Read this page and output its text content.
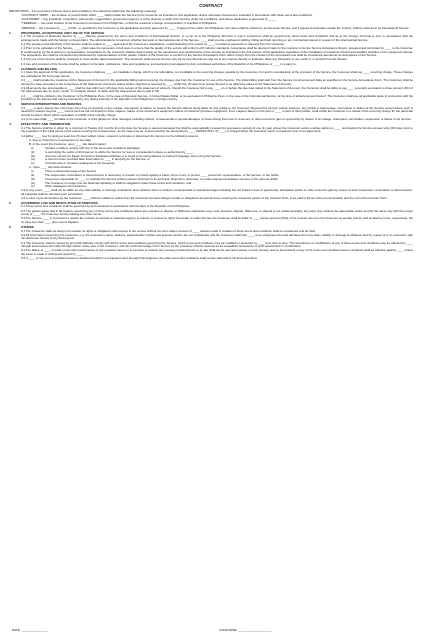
CONTRACT
DEFINITIONS – For purposes of these terms and conditions, the following shall have the following meaning:

"CONTRACT TERM" – the duration or period within which ____ shall provide the Service to the Customer as indicated in this application unless otherwise shortened or extended in accordance with these terms and conditions.

"CUSTOMER" – Any individual, corporation, partnership, organization, government agency or entity desiring to avail of the Service under the conditions, and whose application is approved by ____.

"TERMINAL" – the exact location of the Customer's premises in the Philippines, or that the customer's foreign correspondent, if specified in Philippines.

"SERVICE" – the provision by ____ of DSL, or specified by the Customer to the application and duly approved by ____. If agreed if the within the Philippines, the same shall be referred to as Domestic Service, and if agreed to terminate outside the country, shall be referred to as International Service.

1.	PROVISIONS, ACCEPTANCE AND USE OF THE SERVICE

1.1 The provision of Domestic Service by ____ shall be governed by the terms and conditions of International Service, in so far as to the Philippine Terminal or end is concerned, shall be governed by these terms and conditions and as to the Foreign Terminal or end, in accordance with the arrangements made with the foreign correspondent. The administrations concerned, whether domestic or international end of the Service, ____ shall provide engineered cabling, billing and fault reporting or any contractual interest in respect of the International Service.

1.2 The provision and effectivity of the Service shall be subject to ____ approval of the Customer's applications, notwithstanding prior receipt by ____ of evidence payments or deposits from the Customer.

1.3 Prior to the activation of the Service, ____ shall make the necessary circuit tests to ensure that the quality of the service will conform with industry standards. Acceptance shall be deemed made by the customer once the Service Acceptance Report, prepared and submitted by ____ to the Customer is conformed to by the Customer's representative. Acceptance by the Customer shall be based solely on the parameters and specifications of the Service as indicated in the first portion of this application regardless of the installation of Customer-Owned and ancillary activities of the equipment thereat. The acceptance test shall be conducted and witnessed by representatives of both parties. Failure of the Customer to conform to the Service Acceptance Form within 3 days from the conduct of the acceptance test shall be considered deemed as an acceptance of the Service.

1.4 Any use of the Service shall be restricted to voice and/or data transmission. The Customer shall use the Service only for its own internal use and not in any manner directly or indirectly, allow any third party to use, avail of, or benefit from the Service.

1.5 Use and provision of the Service shall be subject to the laws, ordinances, rules and regulations, and decisions promulgated by duly constituted authorities of the Republic of the Philippines or ____ in a party to.

2.	CHARGES AND BILLING

2.1 Upon the approval of this application, the Customer shall pay ____ an installation charge, which is not refundable, nor creditable to the recurring charges payable by the Customer. For and in consideration of the provision of the Service, the Customer shall pay ____ recurring charge. These charges are indicated at the front page hereof.

2.2 ____ shall provide the Customer with a Statement of Account for the applicable billing period covering the charges due from the Customer for use of the Service. The initial billing shall start from the Service Commencement Date as specified on the Service Acceptance Form. The Customer shall be deemed to have accepted to the correctness of the Statement of Account unless written objection is received by ____ within five (5) days from receipt thereof or as otherwise stated in the Statement of Account.

2.3 All amounts due and payable to ____ shall be due within ten (10) days from receipt of the statement of account. Should the Customer fail to pay ____ on or before the due date stated in the Statement of Account, the Customer shall be liable to pay ____ a penalty equivalent to three percent (3%) of the total amount due for every month, or a fraction thereof, of delay until the total amount due is paid in full.

2.4 ____ shall be entitled to the Customer in the Philippine Peso. In the case of Domestic Service, in United States Dollar, or its equivalent in Philippine Peso, in the case of the International Service, at the time of actual payment thereof. The Customer shall pay all applicable taxes in connection with the provision of the Service that may be imposed by any taxing authority of the Republic of the Philippines or foreign country.

3.	SERVICE INTERRUPTION AND REBATES

3.1 ____ is given twenty-four (24) hours from time of reporting of any outage, interruption or failure, to restore the Service without being liable for any rebate to the Customer. Beyond this 24-hour period, however, any partial or total outage, interruption or failure of the Service except where such is caused by reasons beyond ____ control such as but not limited to force majeure, failure of the Customer's equipment, failure of customer-premises equipment, force majeure failure on the part of ____ or acts of third parties, shall entitle the Customer to a rebate of the recurring charge for the particular circuits involved, which will be equivalent to 1/30th of the monthly charge.

3.2 In no case shall ____ be liable to the Customer or third parties for other damages including indirect, consequential or special damages or those arising from loss of revenues, or other economic gain or opportunity by reason of an outage, interruption, termination, suspension or failure in the Service.

4.	EFFECTIVITY AND TERMINATION

4.1 The Service shall be in effect for a minimum of Twelve (12) months from the date the Service is deemed accepted but shall be automatically renewed for successive periods of one (1) year unless the Customer sends a written advice to ____ terminating the Service at least sixty (60) days prior to the expiration of the initial period of the period covering the renewed term, as the case may be. A disconnection fee amounting to ____ PESOS ONLY (P____) is charged when the Customer wants to break the term of an agreement.

4.2 Either ____ may by giving at least five (5) days written notice, suspend, terminate or disconnect the Service for the following reasons:

A. Due to Customer's non-payment on due date

B. In the event the Customer, upon ____ site determination:

(i)	Violates or fails to comply with any of the terms and conditions stipulated;
(ii)	Is permitting the public or third person to utilize the Service for fees or consideration unless so authorized by ____;
(iii)	Uses the service for illegal, immoral or fraudulent activities or is found to be using abusive or indecent language when using the Service.
(iv)	Is found to have provided false information to ____ in applying for the Service; or
(v)	Commits acts or omission analogous to the foregoing.

C. Upon ____ site determination:

(i)	There is abnormal usage of the Service
(ii)	The suspension, termination or disconnection is necessary to prevent or protect against a fraud, crime or tort, to protect ____ personnel, representative, or the Service, or the public.
(iii)	It becomes impossible for ____ to maintain the Service without serious detriment to its technical, financial or otherwise, to render telecommunications services to the general public;
(iv)	The Customer no longer has the financial capability to fulfill its obligations under these terms and conditions, and
(v)	Other analogous circumstances.

4.3 In any event, ____ shall not be liable for any claim liability or damage of whatever kind, whether direct or indirect, consequential or special damages including but not limited to loss of opportunity, anticipated profits or other economic gain by reason of such suspension, termination or disconnection. All materials shall be returned upon termination.

4.4 In case of pre-termination by the Customer, ____ shall be entitled to collect from the Customer accrued charges rentals or obligations as well as those covering the unexpired portion of the Contract Term, to be paid in full as of the pre-termination and the end of the Contract Term.

5.	GOVERNING LAW AND RESOLUTION OF DISPUTES.

5.1 These terms and conditions shall be governed by and construed in accordance with the laws of the Republic of the Philippines.

5.2 The parties agree that in all matters concerning any of these terms and conditions where any question or dispute or difference shall arise every such question, dispute, difference, or dispute is not settled amicably, any party may institute the appropriate action and file the same only with the proper courts of ____, the Customer hereby waiving any other venue.

5.3 The Service ____ is construed to require the consent of counsel or collection agency to enforce or protect its rights hereunder or under the law, the Customer shall be liable to ____ twenty-percent (20%) of the amount due from the Customer as penalty and for and as attorney's fee, respectively, but no case less than ____ plus cost of litigation.

6.	OTHERS

6.1 The Customer shall not assign nor transfer its rights or obligations with respect to the service without the prior written consent of ____ transfer made in violation of these terms and conditions shall be considered void ab initio.

6.2 All information concerning the Customer, e.g. the Customer's name, address, telephone/fax number and account number are not confidential, and the Customer shall hold ____ or its employees free and harmless from any claim, liability or damage of whatever kind by reason of or in connection with the disclosure thereof to any third person.

6.3 The Customer shall be bound by and shall faithfully comply with all the terms and conditions governing the Service, which terms and conditions may be modified or amended by ____ from time to time. The amendment or modification of any of these terms and conditions may be effected by ____ through announcements made through written notice sent to the Customer, and the continued usage of the Service by the Customer shall be deemed as an unqualified acceptance of such amendment or modification.

6.4 The failure of ____ to insist on the strict performance of any provision hereof or to exercise or enforce any remedy provided herein or by law shall not be deemed a waiver of such remedy, and no amendment of any of the terms and conditions herein contained shall be effective against ____ unless the same is made in writing and signed by ____.

6.5 If ____ or any term or condition herein is declared invalid by a competent court through final judgment, the other terms and conditions shall remain valid and in full force and effect.

DATE: ________________	CONFORME: ____________________
